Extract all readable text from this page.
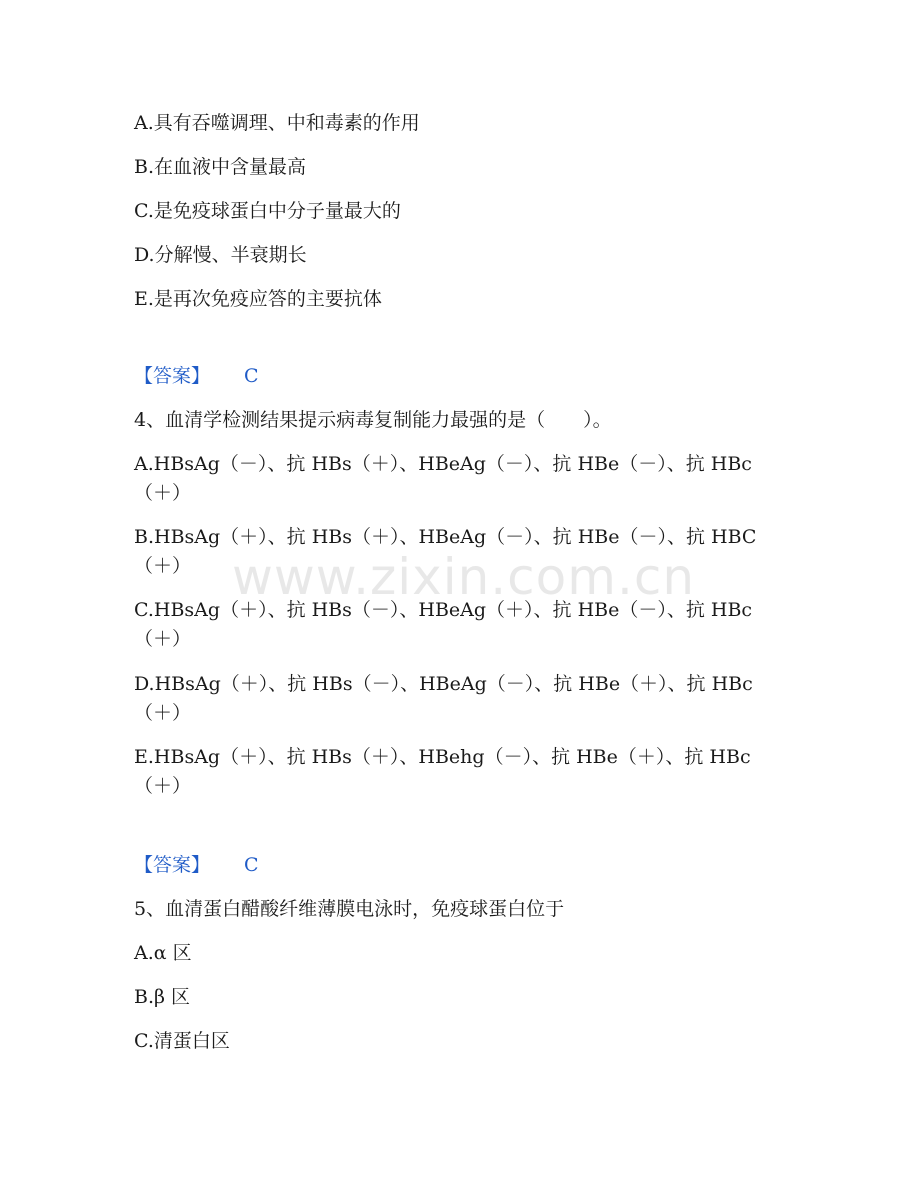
A.具有吞噬调理、中和毒素的作用
B.在血液中含量最高
C.是免疫球蛋白中分子量最大的
D.分解慢、半衰期长
E.是再次免疫应答的主要抗体
【答案】 C
4、血清学检测结果提示病毒复制能力最强的是（　　）。
A.HBsAg（－）、抗 HBs（＋）、HBeAg（－）、抗 HBe（－）、抗 HBc（＋）
B.HBsAg（＋）、抗 HBs（＋）、HBeAg（－）、抗 HBe（－）、抗 HBC（＋）
C.HBsAg（＋）、抗 HBs（－）、HBeAg（＋）、抗 HBe（－）、抗 HBc（＋）
D.HBsAg（＋）、抗 HBs（－）、HBeAg（－）、抗 HBe（＋）、抗 HBc（＋）
E.HBsAg（＋）、抗 HBs（＋）、HBehg（－）、抗 HBe（＋）、抗 HBc（＋）
【答案】 C
5、血清蛋白醋酸纤维薄膜电泳时，免疫球蛋白位于
A.α 区
B.β 区
C.清蛋白区
www.zixin.com.cn
